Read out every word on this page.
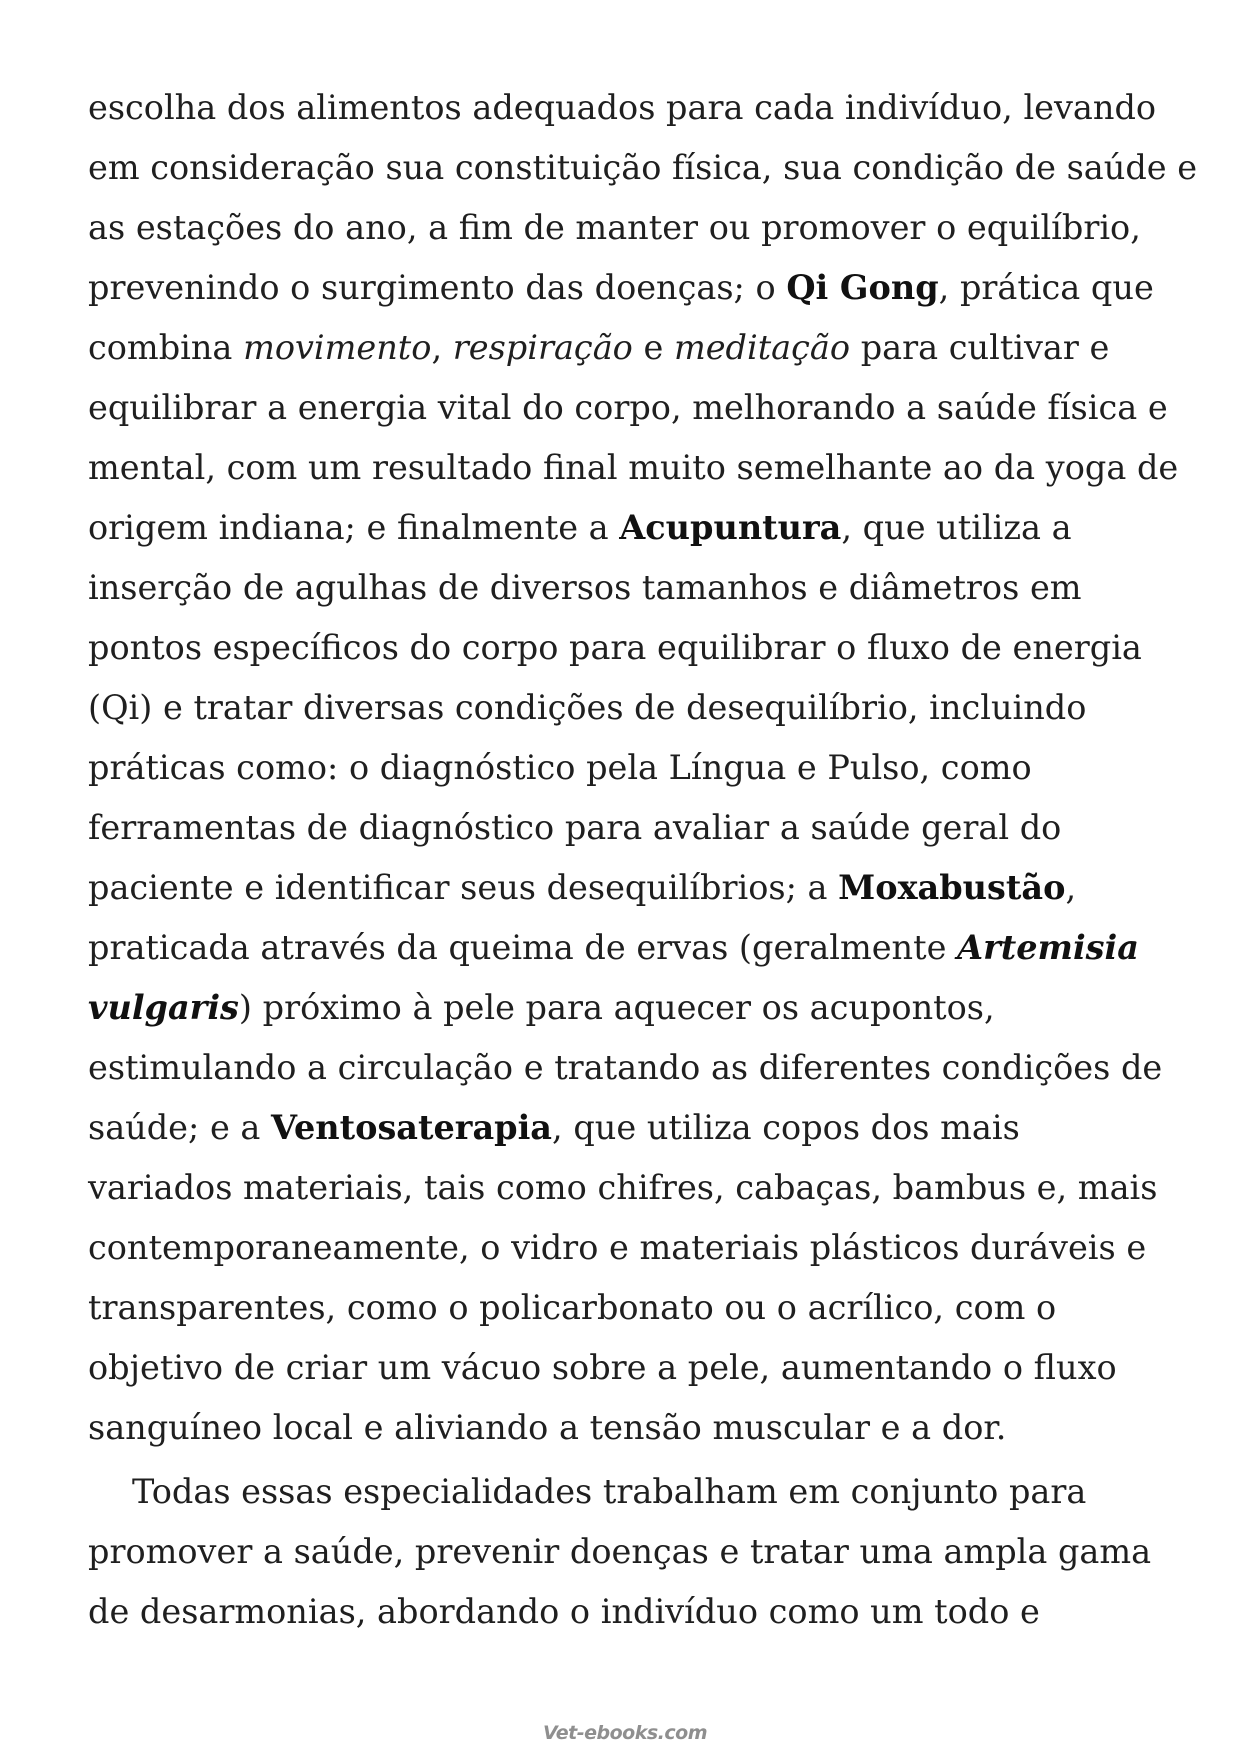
escolha dos alimentos adequados para cada indivíduo, levando
em consideração sua constituição física, sua condição de saúde e
as estações do ano, a fim de manter ou promover o equilíbrio,
prevenindo o surgimento das doenças; o Qi Gong, prática que
combina movimento, respiração e meditação para cultivar e
equilibrar a energia vital do corpo, melhorando a saúde física e
mental, com um resultado final muito semelhante ao da yoga de
origem indiana; e finalmente a Acupuntura, que utiliza a
inserção de agulhas de diversos tamanhos e diâmetros em
pontos específicos do corpo para equilibrar o fluxo de energia
(Qi) e tratar diversas condições de desequilíbrio, incluindo
práticas como: o diagnóstico pela Língua e Pulso, como
ferramentas de diagnóstico para avaliar a saúde geral do
paciente e identificar seus desequilíbrios; a Moxabustão,
praticada através da queima de ervas (geralmente Artemisia
vulgaris) próximo à pele para aquecer os acupontos,
estimulando a circulação e tratando as diferentes condições de
saúde; e a Ventosaterapia, que utiliza copos dos mais
variados materiais, tais como chifres, cabaças, bambus e, mais
contemporaneamente, o vidro e materiais plásticos duráveis e
transparentes, como o policarbonato ou o acrílico, com o
objetivo de criar um vácuo sobre a pele, aumentando o fluxo
sanguíneo local e aliviando a tensão muscular e a dor.
Todas essas especialidades trabalham em conjunto para
promover a saúde, prevenir doenças e tratar uma ampla gama
de desarmonias, abordando o indivíduo como um todo e
Vet-ebooks.com
